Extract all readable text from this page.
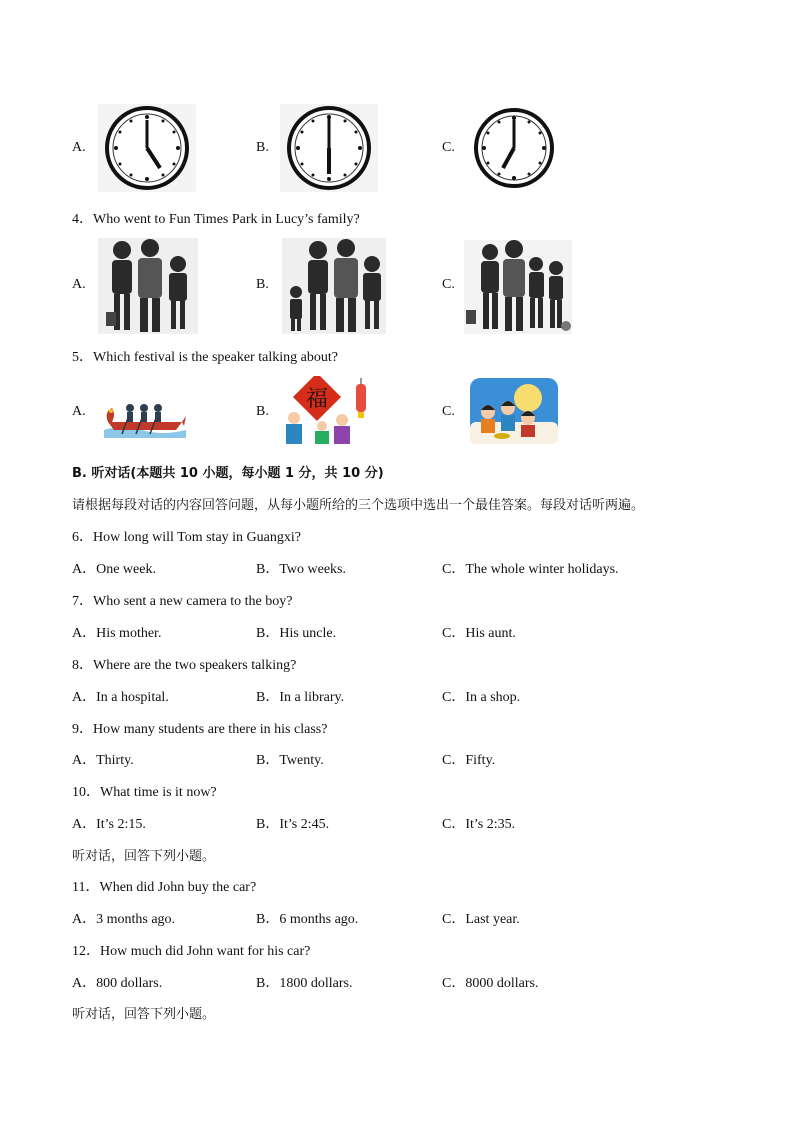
A.	B.	C.
4．Who went to Fun Times Park in Lucy’s family?
A.	B.	C.
5．Which festival is the speaker talking about?
A.	B. 福	C.
B. 听对话(本题共 10 小题，每小题 1 分，共 10 分)
请根据每段对话的内容回答问题，从每小题所给的三个选项中选出一个最佳答案。每段对话听两遍。
6．How long will Tom stay in Guangxi?
A．One week.	B．Two weeks.	C．The whole winter holidays.
7．Who sent a new camera to the boy?
A．His mother.	B．His uncle.	C．His aunt.
8．Where are the two speakers talking?
A．In a hospital.	B．In a library.	C．In a shop.
9．How many students are there in his class?
A．Thirty.	B．Twenty.	C．Fifty.
10．What time is it now?
A．It’s 2:15.	B．It’s 2:45.	C．It’s 2:35.
听对话，回答下列小题。
11．When did John buy the car?
A．3 months ago.	B．6 months ago.	C．Last year.
12．How much did John want for his car?
A．800 dollars.	B．1800 dollars.	C．8000 dollars.
听对话，回答下列小题。
